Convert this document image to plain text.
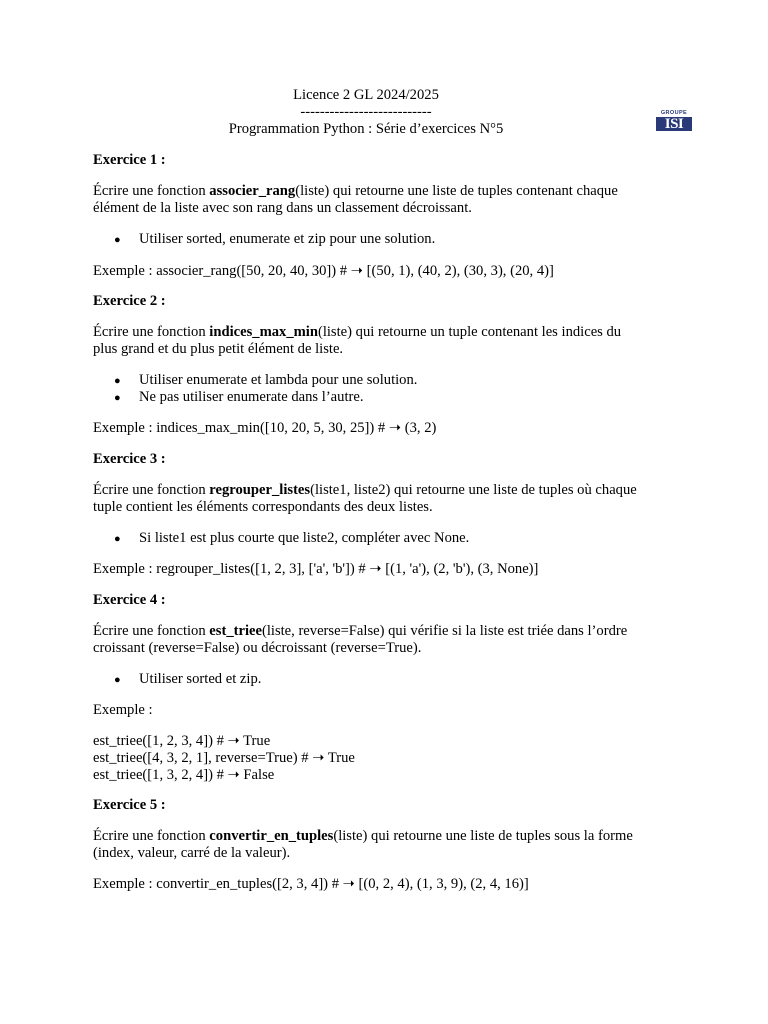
Licence 2 GL 2024/2025
---------------------------
Programmation Python : Série d’exercices N°5
GROUPE
ISI
Exercice 1 :
Écrire une fonction associer_rang(liste) qui retourne une liste de tuples contenant chaque
élément de la liste avec son rang dans un classement décroissant.
● Utiliser sorted, enumerate et zip pour une solution.
Exemple : associer_rang([50, 20, 40, 30]) # ➝ [(50, 1), (40, 2), (30, 3), (20, 4)]
Exercice 2 :
Écrire une fonction indices_max_min(liste) qui retourne un tuple contenant les indices du
plus grand et du plus petit élément de liste.
● Utiliser enumerate et lambda pour une solution.
● Ne pas utiliser enumerate dans l’autre.
Exemple : indices_max_min([10, 20, 5, 30, 25]) # ➝ (3, 2)
Exercice 3 :
Écrire une fonction regrouper_listes(liste1, liste2) qui retourne une liste de tuples où chaque
tuple contient les éléments correspondants des deux listes.
● Si liste1 est plus courte que liste2, compléter avec None.
Exemple : regrouper_listes([1, 2, 3], ['a', 'b']) # ➝ [(1, 'a'), (2, 'b'), (3, None)]
Exercice 4 :
Écrire une fonction est_triee(liste, reverse=False) qui vérifie si la liste est triée dans l’ordre
croissant (reverse=False) ou décroissant (reverse=True).
● Utiliser sorted et zip.
Exemple :
est_triee([1, 2, 3, 4]) # ➝ True
est_triee([4, 3, 2, 1], reverse=True) # ➝ True
est_triee([1, 3, 2, 4]) # ➝ False
Exercice 5 :
Écrire une fonction convertir_en_tuples(liste) qui retourne une liste de tuples sous la forme
(index, valeur, carré de la valeur).
Exemple : convertir_en_tuples([2, 3, 4]) # ➝ [(0, 2, 4), (1, 3, 9), (2, 4, 16)]
